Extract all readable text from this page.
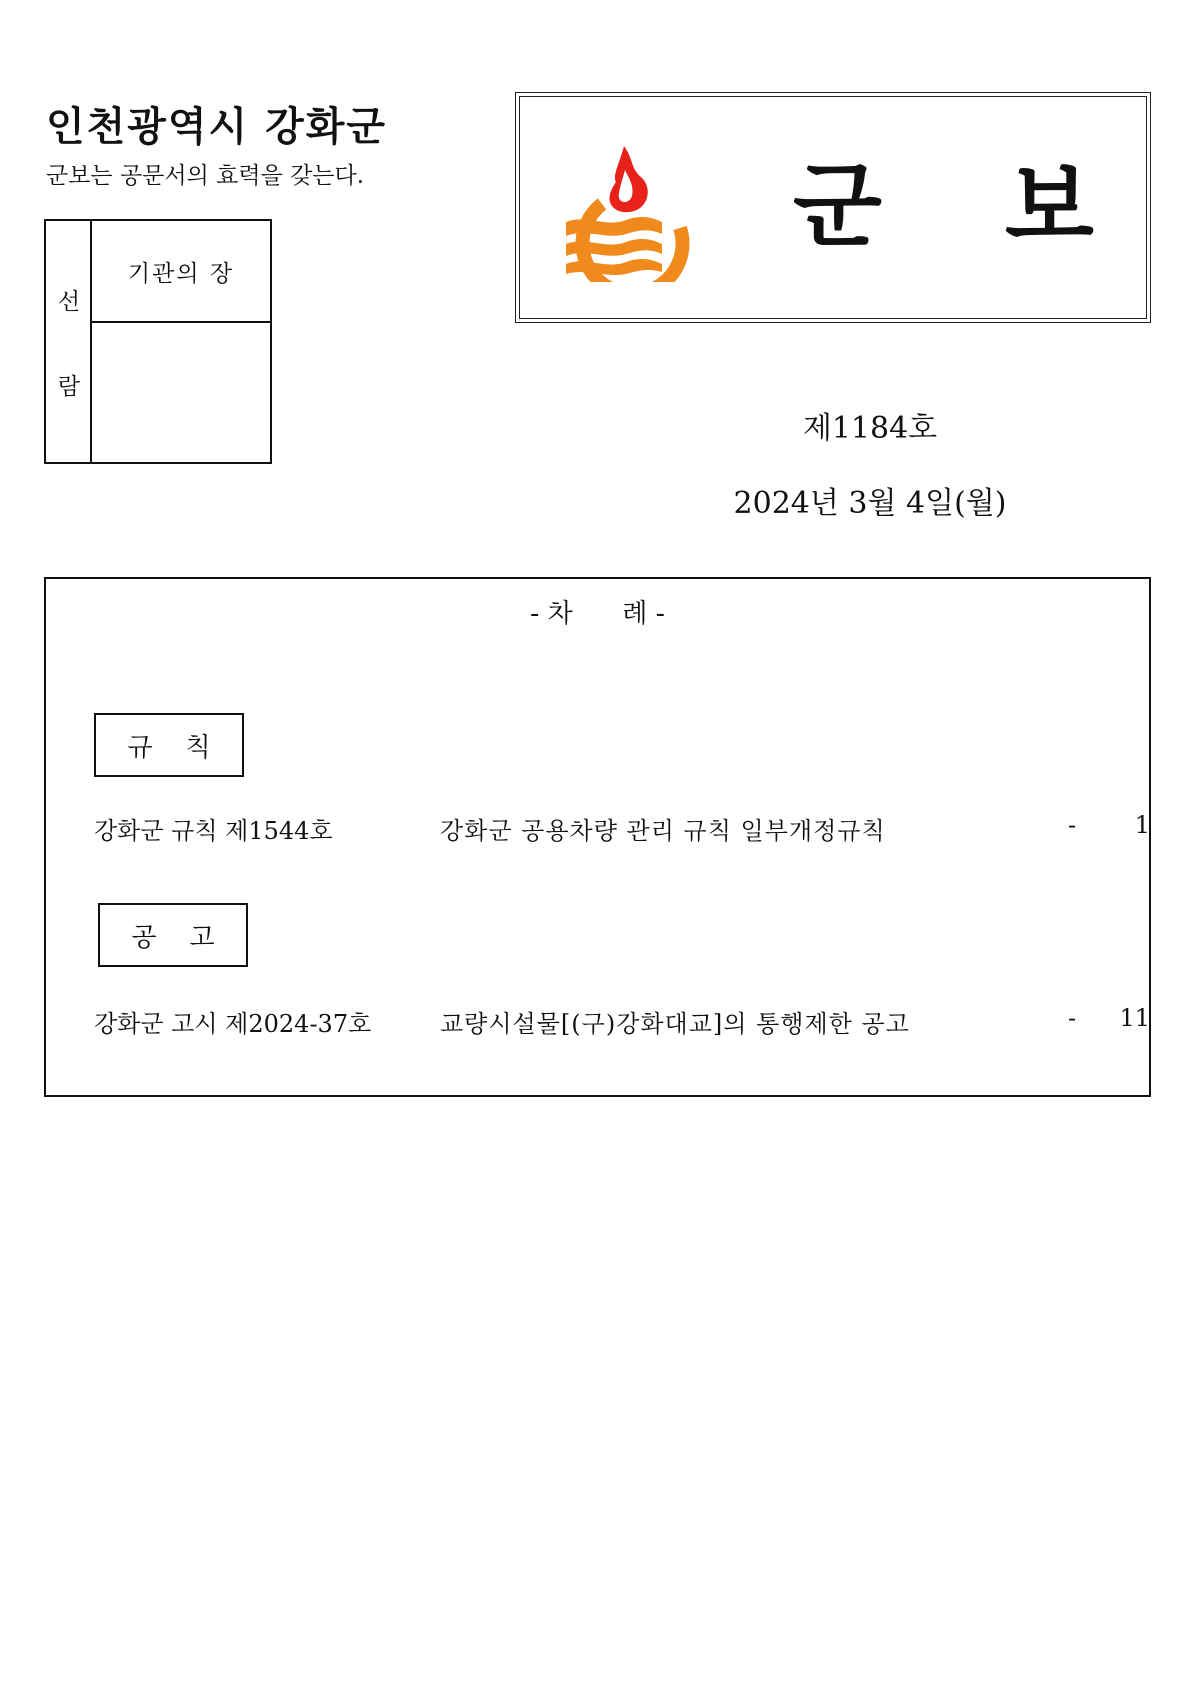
인천광역시 강화군
군보는 공문서의 효력을 갖는다.
선
람
기관의 장
군 보
제1184호
2024년 3월 4일(월)
- 차      례 -
규    칙
강화군 규칙 제1544호	강화군 공용차량 관리 규칙 일부개정규칙	-	1
공    고
강화군 고시 제2024-37호	교량시설물[(구)강화대교]의 통행제한 공고	-	11
